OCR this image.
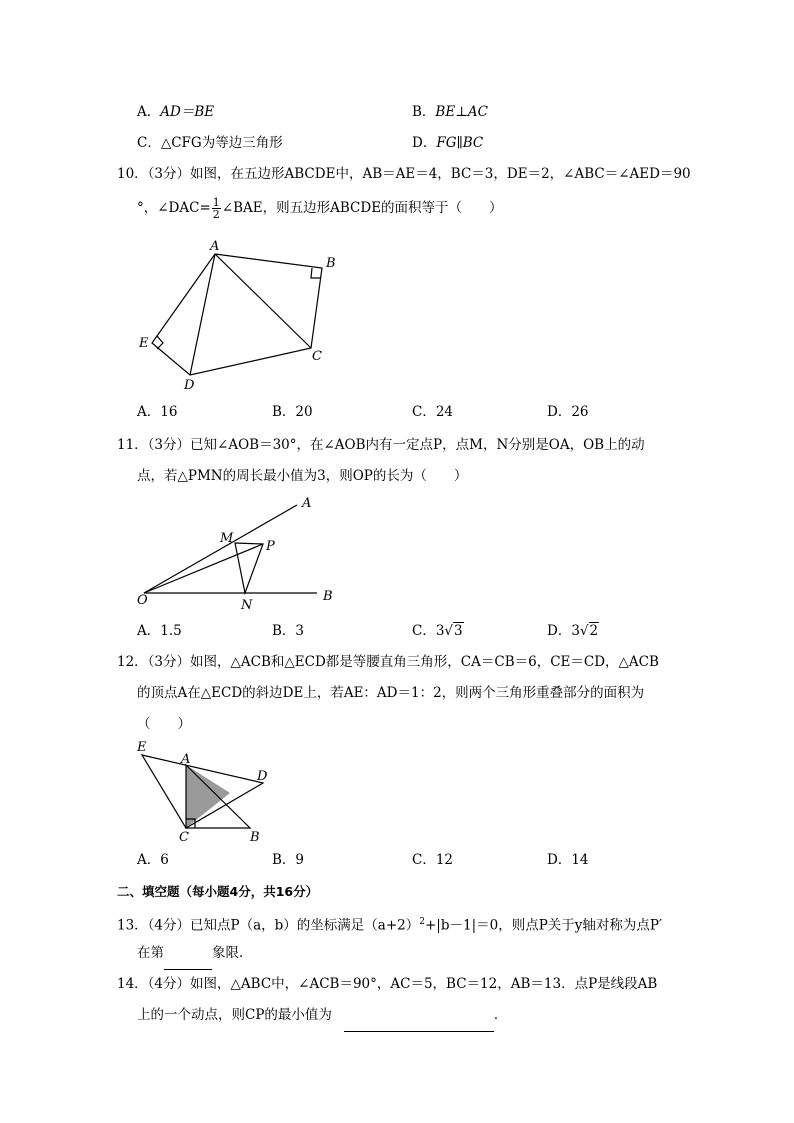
A．AD＝BE	B．BE⊥AC
C．△CFG为等边三角形	D．FG∥BC
10．（3分）如图，在五边形ABCDE中，AB＝AE＝4，BC＝3，DE＝2，∠ABC＝∠AED＝90
°，∠DAC= $\frac{1}{2}$ ∠BAE，则五边形ABCDE的面积等于（　　）
A
B
C
D
E
A．16	B．20	C．24	D．26
11．（3分）已知∠AOB＝30°，在∠AOB内有一定点P，点M，N分别是OA，OB上的动
点，若△PMN的周长最小值为3，则OP的长为（　　）
A
M
P
O	N
B
A．1.5	B．3	C．3√3	D．3√2
12．（3分）如图，△ACB和△ECD都是等腰直角三角形，CA＝CB＝6，CE＝CD，△ACB
的顶点A在△ECD的斜边DE上，若AE：AD＝1：2，则两个三角形重叠部分的面积为
（　　）
E
A
D
C	B
A．6	B．9	C．12	D．14
二、填空题（每小题4分，共16分）
13．（4分）已知点P（a，b）的坐标满足$(a+2)^2+|b-1|=0$，则点P关于y轴对称为点P′
在第	象限．
14．（4分）如图，△ABC中，∠ACB＝90°，AC＝5，BC＝12，AB＝13．点P是线段AB
上的一个动点，则CP的最小值为	．
